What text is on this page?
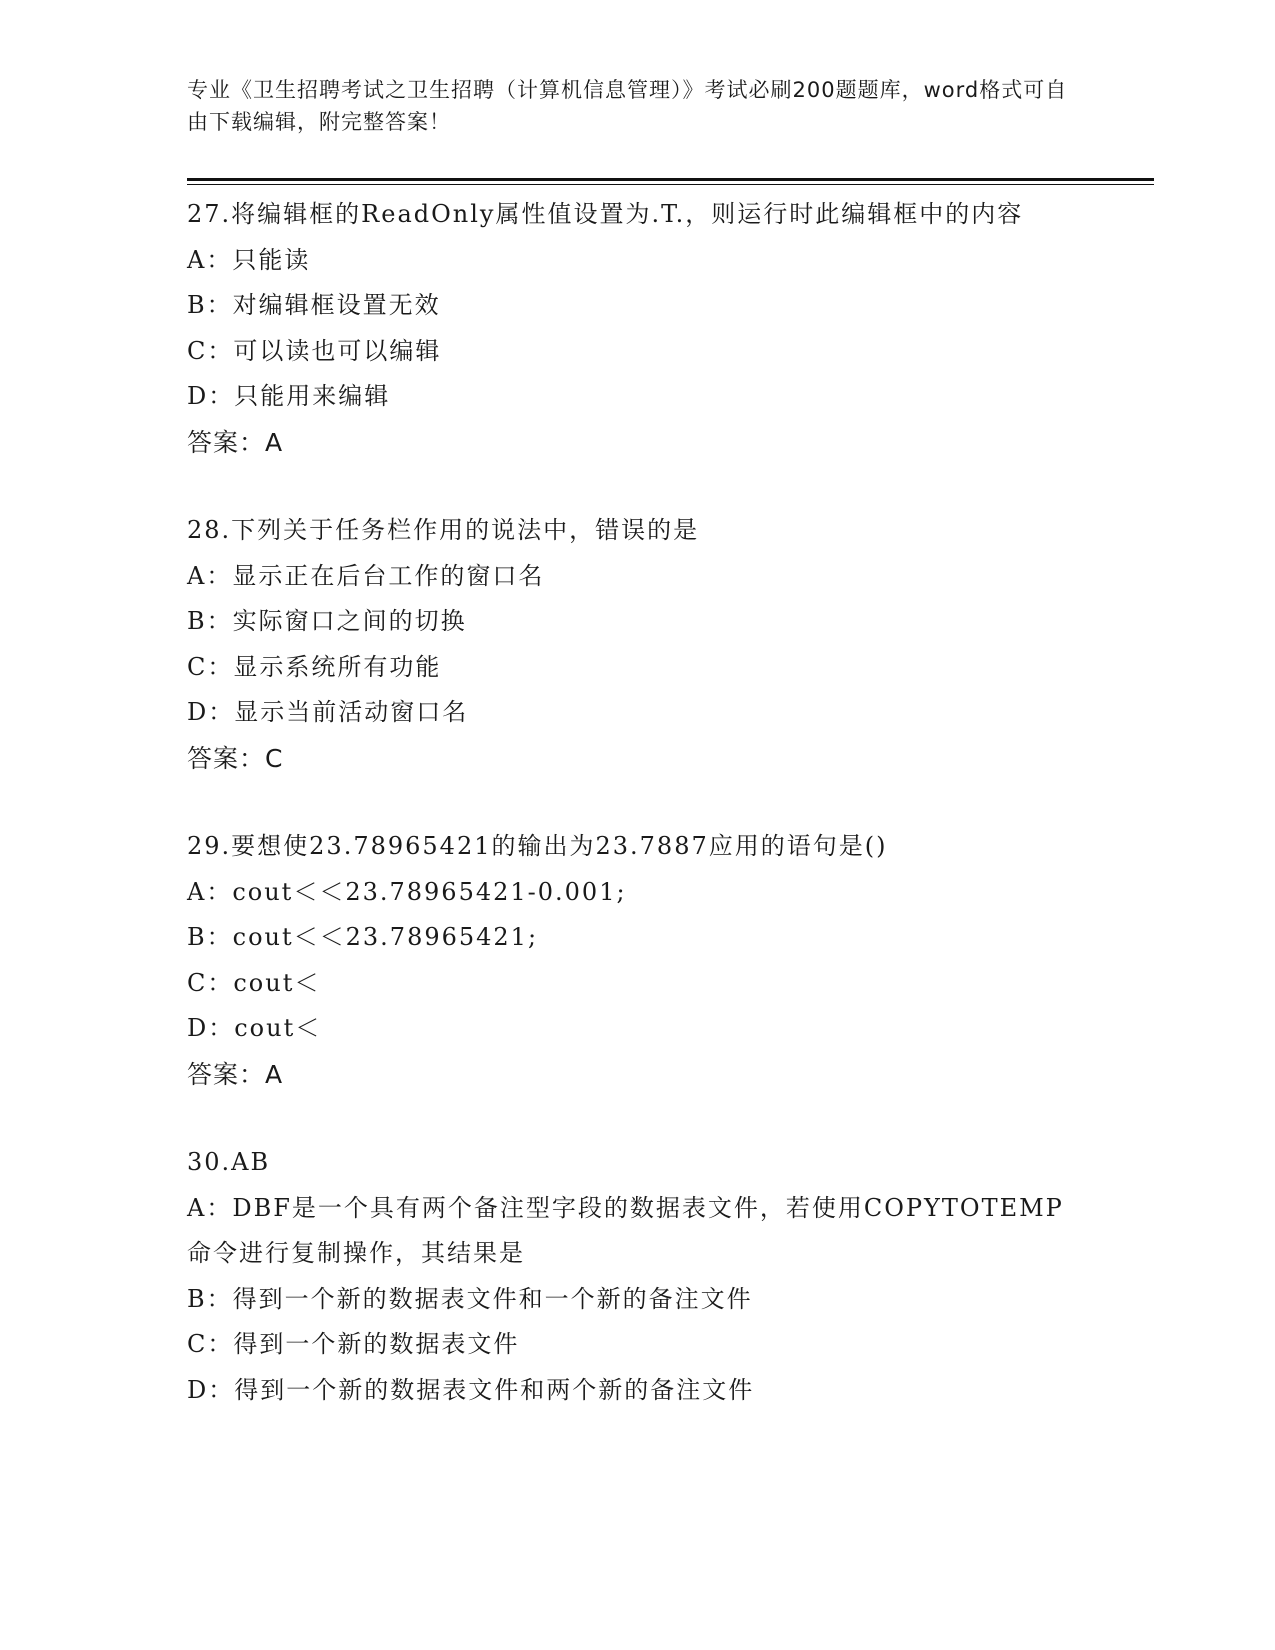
专业《卫生招聘考试之卫生招聘（计算机信息管理）》考试必刷200题题库，word格式可自由下载编辑，附完整答案！
27.将编辑框的ReadOnly属性值设置为.T.，则运行时此编辑框中的内容
A：只能读
B：对编辑框设置无效
C：可以读也可以编辑
D：只能用来编辑
答案：A
28.下列关于任务栏作用的说法中，错误的是
A：显示正在后台工作的窗口名
B：实际窗口之间的切换
C：显示系统所有功能
D：显示当前活动窗口名
答案：C
29.要想使23.78965421的输出为23.7887应用的语句是()
A：cout＜＜23.78965421-0.001;
B：cout＜＜23.78965421;
C：cout＜
D：cout＜
答案：A
30.AB
A：DBF是一个具有两个备注型字段的数据表文件，若使用COPYTOTEMP命令进行复制操作，其结果是
B：得到一个新的数据表文件和一个新的备注文件
C：得到一个新的数据表文件
D：得到一个新的数据表文件和两个新的备注文件
